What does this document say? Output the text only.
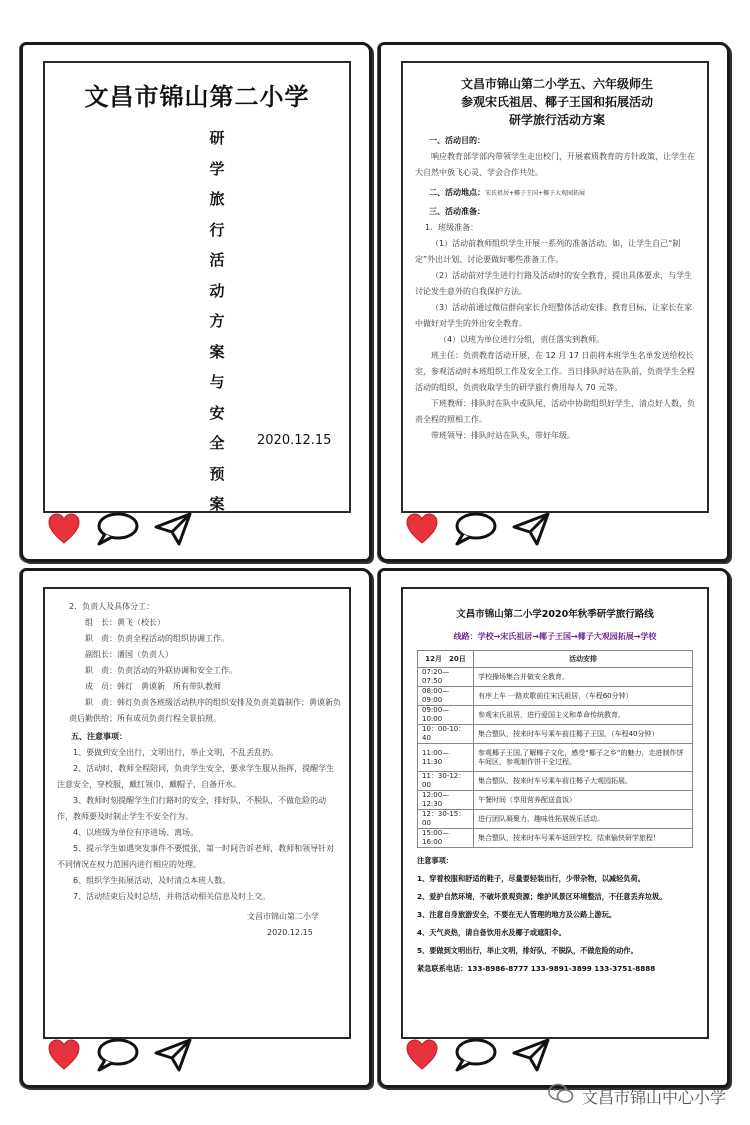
文昌市锦山第二小学
研
学
旅
行
活
动
方
案
与
安
全
预
案
2020.12.15
文昌市锦山第二小学五、六年级师生
参观宋氏祖居、椰子王国和拓展活动
研学旅行活动方案

一、活动目的：

响应教育部学部内带领学生走出校门，开展素质教育的方针政策，让学生在大自然中放飞心灵、学会合作共处。

二、活动地点：宋氏祖居+椰子王国+椰子大观园拓展

三、活动准备：

1．班级准备：

（1）活动前教师组织学生开展一系列的准备活动。如，让学生自己“制定”外出计划、讨论要做好哪些准备工作。

（2）活动前对学生进行行路及活动时的安全教育，提出具体要求，与学生讨论发生意外的自我保护方法。

（3）活动前通过微信群向家长介绍整体活动安排、教育目标，让家长在家中做好对学生的外出安全教育。

（4）以班为单位进行分组，责任落实到教师。

班主任：负责教育活动开展，在 12 月 17 日前将本班学生名单发送给校长室，参观活动时本班组织工作及安全工作。当日排队时站在队前，负责学生全程活动的组织，负责收取学生的研学旅行费用每人 70 元等。

下班教师：排队时在队中或队尾，活动中协助组织好学生，清点好人数，负责全程的照相工作。

带班领导：排队时站在队头，带好年级。

2．负责人及具体分工：

组　长：黄飞（校长）

职　责：负责全程活动的组织协调工作。

副组长：潘国（负责人）

职　责：负责活动的外联协调和安全工作。

成　员：韩灯　黄谟新　所有带队教师

职　责：韩灯负责各班级活动秩序的组织安排及负责美篇制作；黄谟新负责后勤供给；所有成员负责行程全景拍照。

五、注意事项：

1、要做到安全出行，文明出行，举止文明，不乱丢乱扔。

2、活动时，教师全程陪同，负责学生安全，要求学生服从指挥，提醒学生注意安全，穿校服，戴红领巾，戴帽子，自备开水。

3、教师时刻提醒学生们行路时的安全，排好队，不脱队，不做危险的动作，教师要及时制止学生不安全行为。

4、以班级为单位有序进场、离场。

5、提示学生如遇突发事件不要慌张，第一时间告诉老师，教师和领导针对不同情况在权力范围内进行相应的处理。

6、组织学生拓展活动，及时清点本班人数。

7、活动结束后及时总结，并将活动相关信息及时上交。

文昌市锦山第二小学

2020.12.15

文昌市锦山第二小学2020年秋季研学旅行路线
线路：学校→宋氏祖居→椰子王国→椰子大观园拓展→学校
12月　20日	活动安排
07:20—07:50	学校操场集合并做安全教育。
08:00—09:00	有序上车 一路欢歌前往宋氏祖居，（车程60分钟）
09:00—10:00	参观宋氏祖居，进行爱国主义和革命传统教育。
10：00-10：40	集合整队，按来时车号乘车前往椰子王国，（车程40分钟）
11:00—11:30	参观椰子王国,了解椰子文化，感受“椰子之乡”的魅力，走进制作饼车间区，参观制作饼干全过程。
11：30-12：00	集合整队，按来时车号乘车前往椰子大观园拓展。
12:00—12:30	午餐时间（享用营养配送盒饭）
12：30-15：00	进行团队凝聚力、趣味性拓展娱乐活动。
15:00—16:00	集合整队，按来时车号乘车返回学校，结束愉快研学旅程！

注意事项：

1、穿着校服和舒适的鞋子，尽量要轻装出行，少带杂物，以减轻负荷。

2、爱护自然环境，不破坏景观资源；维护风景区环境整洁，不任意丢弃垃圾。

3、注意自身旅游安全，不要在无人管理的地方及公路上游玩。

4、天气炎热，请自备饮用水及椰子或遮阳伞。

5、要做到文明出行，举止文明，排好队，不脱队，不做危险的动作。

紧急联系电话：133-8986-8777 133-9891-3899 133-3751-8888

文昌市锦山中心小学
